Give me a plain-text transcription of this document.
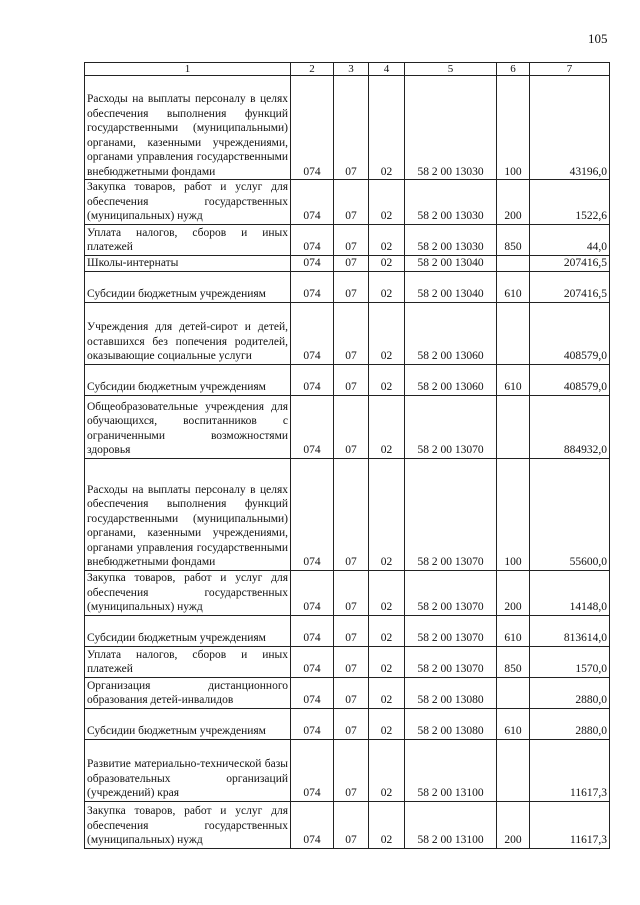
105
1	2	3	4	5	6	7
Расходы на выплаты персоналу в целях обеспечения выполнения функций государственными (муниципальными) органами, казенными учреждениями, органами управления государственными внебюджетными фондами	074	07	02	58 2 00 13030	100	43196,0
Закупка товаров, работ и услуг для обеспечения государственных (муниципальных) нужд	074	07	02	58 2 00 13030	200	1522,6
Уплата налогов, сборов и иных платежей	074	07	02	58 2 00 13030	850	44,0
Школы-интернаты	074	07	02	58 2 00 13040		207416,5
Субсидии бюджетным учреждениям	074	07	02	58 2 00 13040	610	207416,5
Учреждения для детей-сирот и детей, оставшихся без попечения родителей, оказывающие социальные услуги	074	07	02	58 2 00 13060		408579,0
Субсидии бюджетным учреждениям	074	07	02	58 2 00 13060	610	408579,0
Общеобразовательные учреждения для обучающихся, воспитанников с ограниченными возможностями здоровья	074	07	02	58 2 00 13070		884932,0
Расходы на выплаты персоналу в целях обеспечения выполнения функций государственными (муниципальными) органами, казенными учреждениями, органами управления государственными внебюджетными фондами	074	07	02	58 2 00 13070	100	55600,0
Закупка товаров, работ и услуг для обеспечения государственных (муниципальных) нужд	074	07	02	58 2 00 13070	200	14148,0
Субсидии бюджетным учреждениям	074	07	02	58 2 00 13070	610	813614,0
Уплата налогов, сборов и иных платежей	074	07	02	58 2 00 13070	850	1570,0
Организация дистанционного образования детей-инвалидов	074	07	02	58 2 00 13080		2880,0
Субсидии бюджетным учреждениям	074	07	02	58 2 00 13080	610	2880,0
Развитие материально-технической базы образовательных организаций (учреждений) края	074	07	02	58 2 00 13100		11617,3
Закупка товаров, работ и услуг для обеспечения государственных (муниципальных) нужд	074	07	02	58 2 00 13100	200	11617,3
